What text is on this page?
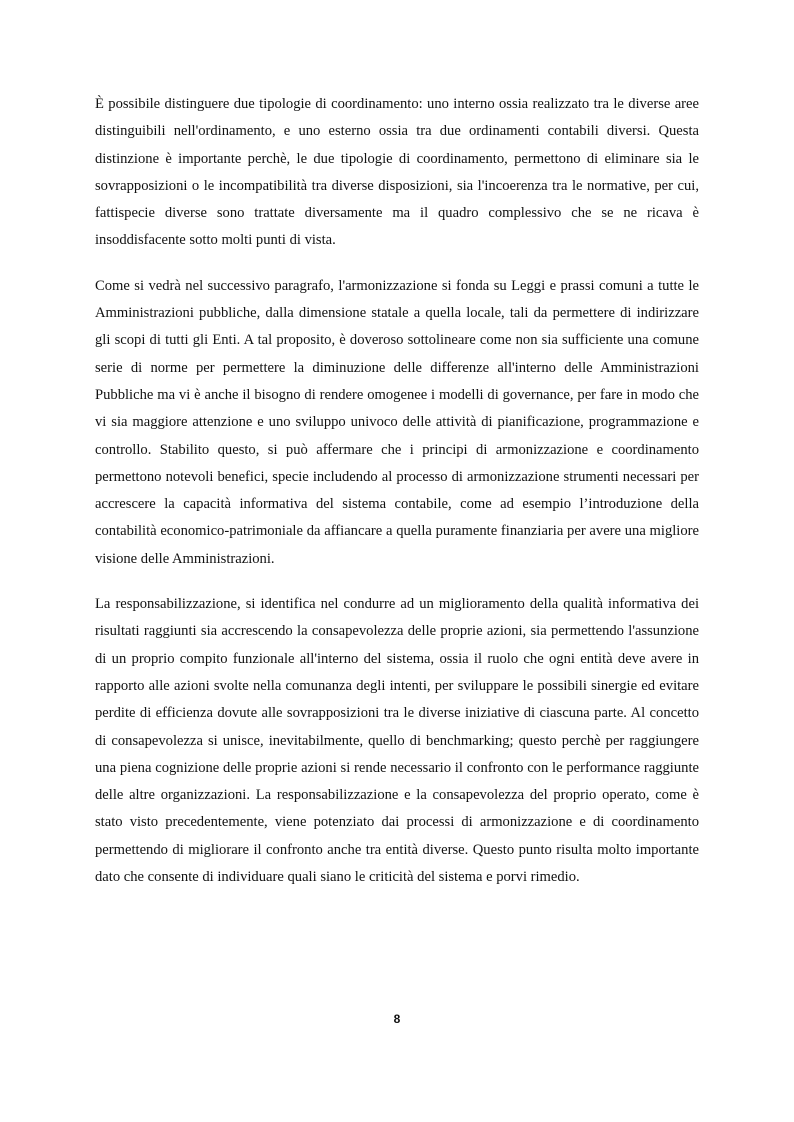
È possibile distinguere due tipologie di coordinamento: uno interno ossia realizzato tra le diverse aree distinguibili nell'ordinamento, e uno esterno ossia tra due ordinamenti contabili diversi. Questa distinzione è importante perchè, le due tipologie di coordinamento, permettono di eliminare sia le sovrapposizioni o le incompatibilità tra diverse disposizioni, sia l'incoerenza tra le normative, per cui, fattispecie diverse sono trattate diversamente ma il quadro complessivo che se ne ricava è insoddisfacente sotto molti punti di vista.

Come si vedrà nel successivo paragrafo, l'armonizzazione si fonda su Leggi e prassi comuni a tutte le Amministrazioni pubbliche, dalla dimensione statale a quella locale, tali da permettere di indirizzare gli scopi di tutti gli Enti. A tal proposito, è doveroso sottolineare come non sia sufficiente una comune serie di norme per permettere la diminuzione delle differenze all'interno delle Amministrazioni Pubbliche ma vi è anche il bisogno di rendere omogenee i modelli di governance, per fare in modo che vi sia maggiore attenzione e uno sviluppo univoco delle attività di pianificazione, programmazione e controllo. Stabilito questo, si può affermare che i principi di armonizzazione e coordinamento permettono notevoli benefici, specie includendo al processo di armonizzazione strumenti necessari per accrescere la capacità informativa del sistema contabile, come ad esempio l’introduzione della contabilità economico-patrimoniale da affiancare a quella puramente finanziaria per avere una migliore visione delle Amministrazioni.

La responsabilizzazione, si identifica nel condurre ad un miglioramento della qualità informativa dei risultati raggiunti sia accrescendo la consapevolezza delle proprie azioni, sia permettendo l'assunzione di un proprio compito funzionale all'interno del sistema, ossia il ruolo che ogni entità deve avere in rapporto alle azioni svolte nella comunanza degli intenti, per sviluppare le possibili sinergie ed evitare perdite di efficienza dovute alle sovrapposizioni tra le diverse iniziative di ciascuna parte. Al concetto di consapevolezza si unisce, inevitabilmente, quello di benchmarking; questo perchè per raggiungere una piena cognizione delle proprie azioni si rende necessario il confronto con le performance raggiunte delle altre organizzazioni. La responsabilizzazione e la consapevolezza del proprio operato, come è stato visto precedentemente, viene potenziato dai processi di armonizzazione e di coordinamento permettendo di migliorare il confronto anche tra entità diverse. Questo punto risulta molto importante dato che consente di individuare quali siano le criticità del sistema e porvi rimedio.

8
